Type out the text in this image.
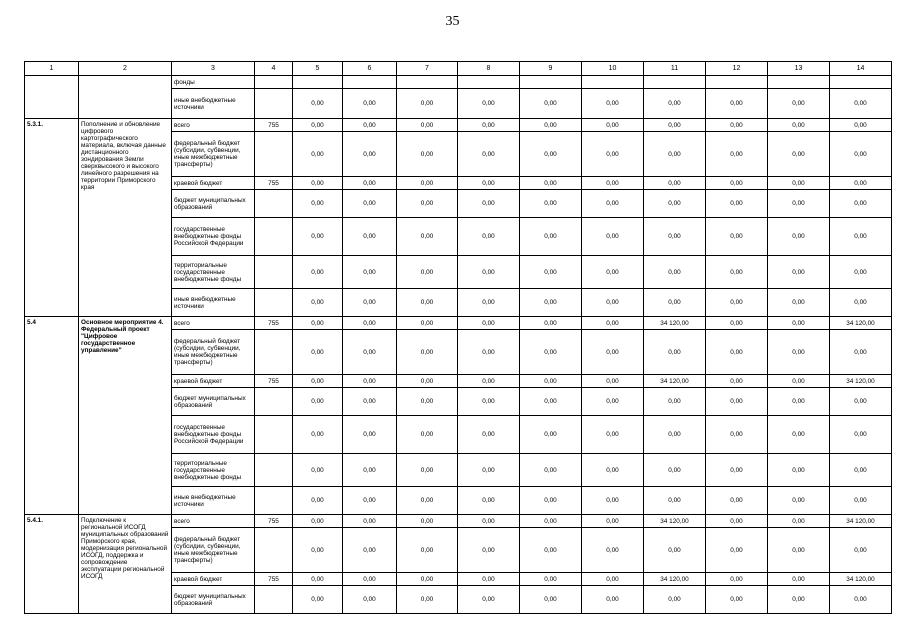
35
1	2	3	4	5	6	7	8	9	10	11	12	13	14
		фонды											
		иные внебюджетные источники		0,00	0,00	0,00	0,00	0,00	0,00	0,00	0,00	0,00	0,00
5.3.1.	Пополнение и обновление цифрового картографического материала, включая данные дистанционного зондирования Земли сверхвысокого и высокого линейного разрешения на территории Приморского края	всего	755	0,00	0,00	0,00	0,00	0,00	0,00	0,00	0,00	0,00	0,00
		федеральный бюджет (субсидии, субвенции, иные межбюджетные трансферты)		0,00	0,00	0,00	0,00	0,00	0,00	0,00	0,00	0,00	0,00
		краевой бюджет	755	0,00	0,00	0,00	0,00	0,00	0,00	0,00	0,00	0,00	0,00
		бюджет муниципальных образований		0,00	0,00	0,00	0,00	0,00	0,00	0,00	0,00	0,00	0,00
		государственные внебюджетные фонды Российской Федерации		0,00	0,00	0,00	0,00	0,00	0,00	0,00	0,00	0,00	0,00
		территориальные государственные внебюджетные фонды		0,00	0,00	0,00	0,00	0,00	0,00	0,00	0,00	0,00	0,00
		иные внебюджетные источники		0,00	0,00	0,00	0,00	0,00	0,00	0,00	0,00	0,00	0,00
5.4	Основное мероприятие 4. Федеральный проект "Цифровое государственное управление"	всего	755	0,00	0,00	0,00	0,00	0,00	0,00	34 120,00	0,00	0,00	34 120,00
		федеральный бюджет (субсидии, субвенции, иные межбюджетные трансферты)		0,00	0,00	0,00	0,00	0,00	0,00	0,00	0,00	0,00	0,00
		краевой бюджет	755	0,00	0,00	0,00	0,00	0,00	0,00	34 120,00	0,00	0,00	34 120,00
		бюджет муниципальных образований		0,00	0,00	0,00	0,00	0,00	0,00	0,00	0,00	0,00	0,00
		государственные внебюджетные фонды Российской Федерации		0,00	0,00	0,00	0,00	0,00	0,00	0,00	0,00	0,00	0,00
		территориальные государственные внебюджетные фонды		0,00	0,00	0,00	0,00	0,00	0,00	0,00	0,00	0,00	0,00
		иные внебюджетные источники		0,00	0,00	0,00	0,00	0,00	0,00	0,00	0,00	0,00	0,00
5.4.1.	Подключение к региональной ИСОГД муниципальных образований Приморского края, модернизация региональной ИСОГД, поддержка и сопровождение эксплуатации региональной ИСОГД	всего	755	0,00	0,00	0,00	0,00	0,00	0,00	34 120,00	0,00	0,00	34 120,00
		федеральный бюджет (субсидии, субвенции, иные межбюджетные трансферты)		0,00	0,00	0,00	0,00	0,00	0,00	0,00	0,00	0,00	0,00
		краевой бюджет	755	0,00	0,00	0,00	0,00	0,00	0,00	34 120,00	0,00	0,00	34 120,00
		бюджет муниципальных образований		0,00	0,00	0,00	0,00	0,00	0,00	0,00	0,00	0,00	0,00
